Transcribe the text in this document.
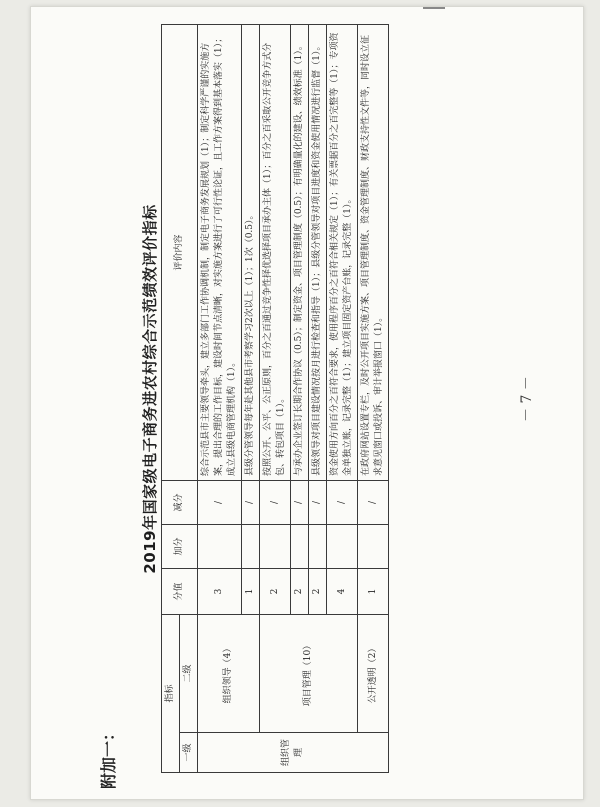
附加一：
2019年国家级电子商务进农村综合示范绩效评价指标
指标		分值	加分	减分	评价内容
一级	二级				
组织管理	组织领导（4）	3		/	综合示范县市主要领导牵头，建立多部门工作协调机制，制定电子商务发展规划（1）；制定科学严谨的实施方案，提出合理的工作目标，建设时间节点清晰，对实施方案进行了可行性论证，且工作方案得到基本落实（1）；成立县级电商管理机构（1）。
		1		/	县级分管领导每年赴其他县市考察学习2次以上（1）；1次（0.5）。
	项目管理（10）	2		/	按照公开、公平、公正原则，百分之百通过竞争性择优选择项目承办主体（1）；百分之百采取公开竞争方式分包、转包项目（1）。
		2		/	与承办企业签订长期合作协议（0.5）；制定资金、项目管理制度（0.5）；有明确量化的建设、绩效标准（1）。
		2		/	县级领导对项目建设情况按月进行检查和指导（1）；县级分管领导对项目进度和资金使用情况进行监督（1）。
		4		/	资金使用方向百分之百符合要求，使用程序百分之百符合相关规定（1）；有关票据百分之百完整等（1）；专项资金单独立账，记录完整（1）；建立项目固定资产台账，记录完整（1）。
	公开透明（2）	1		/	在政府网站设置专栏，及时公开项目实施方案、项目管理制度、资金管理制度、财政支持性文件等，同时设立征求意见窗口或投诉、审计举报窗口（1）。	－ 7 －
